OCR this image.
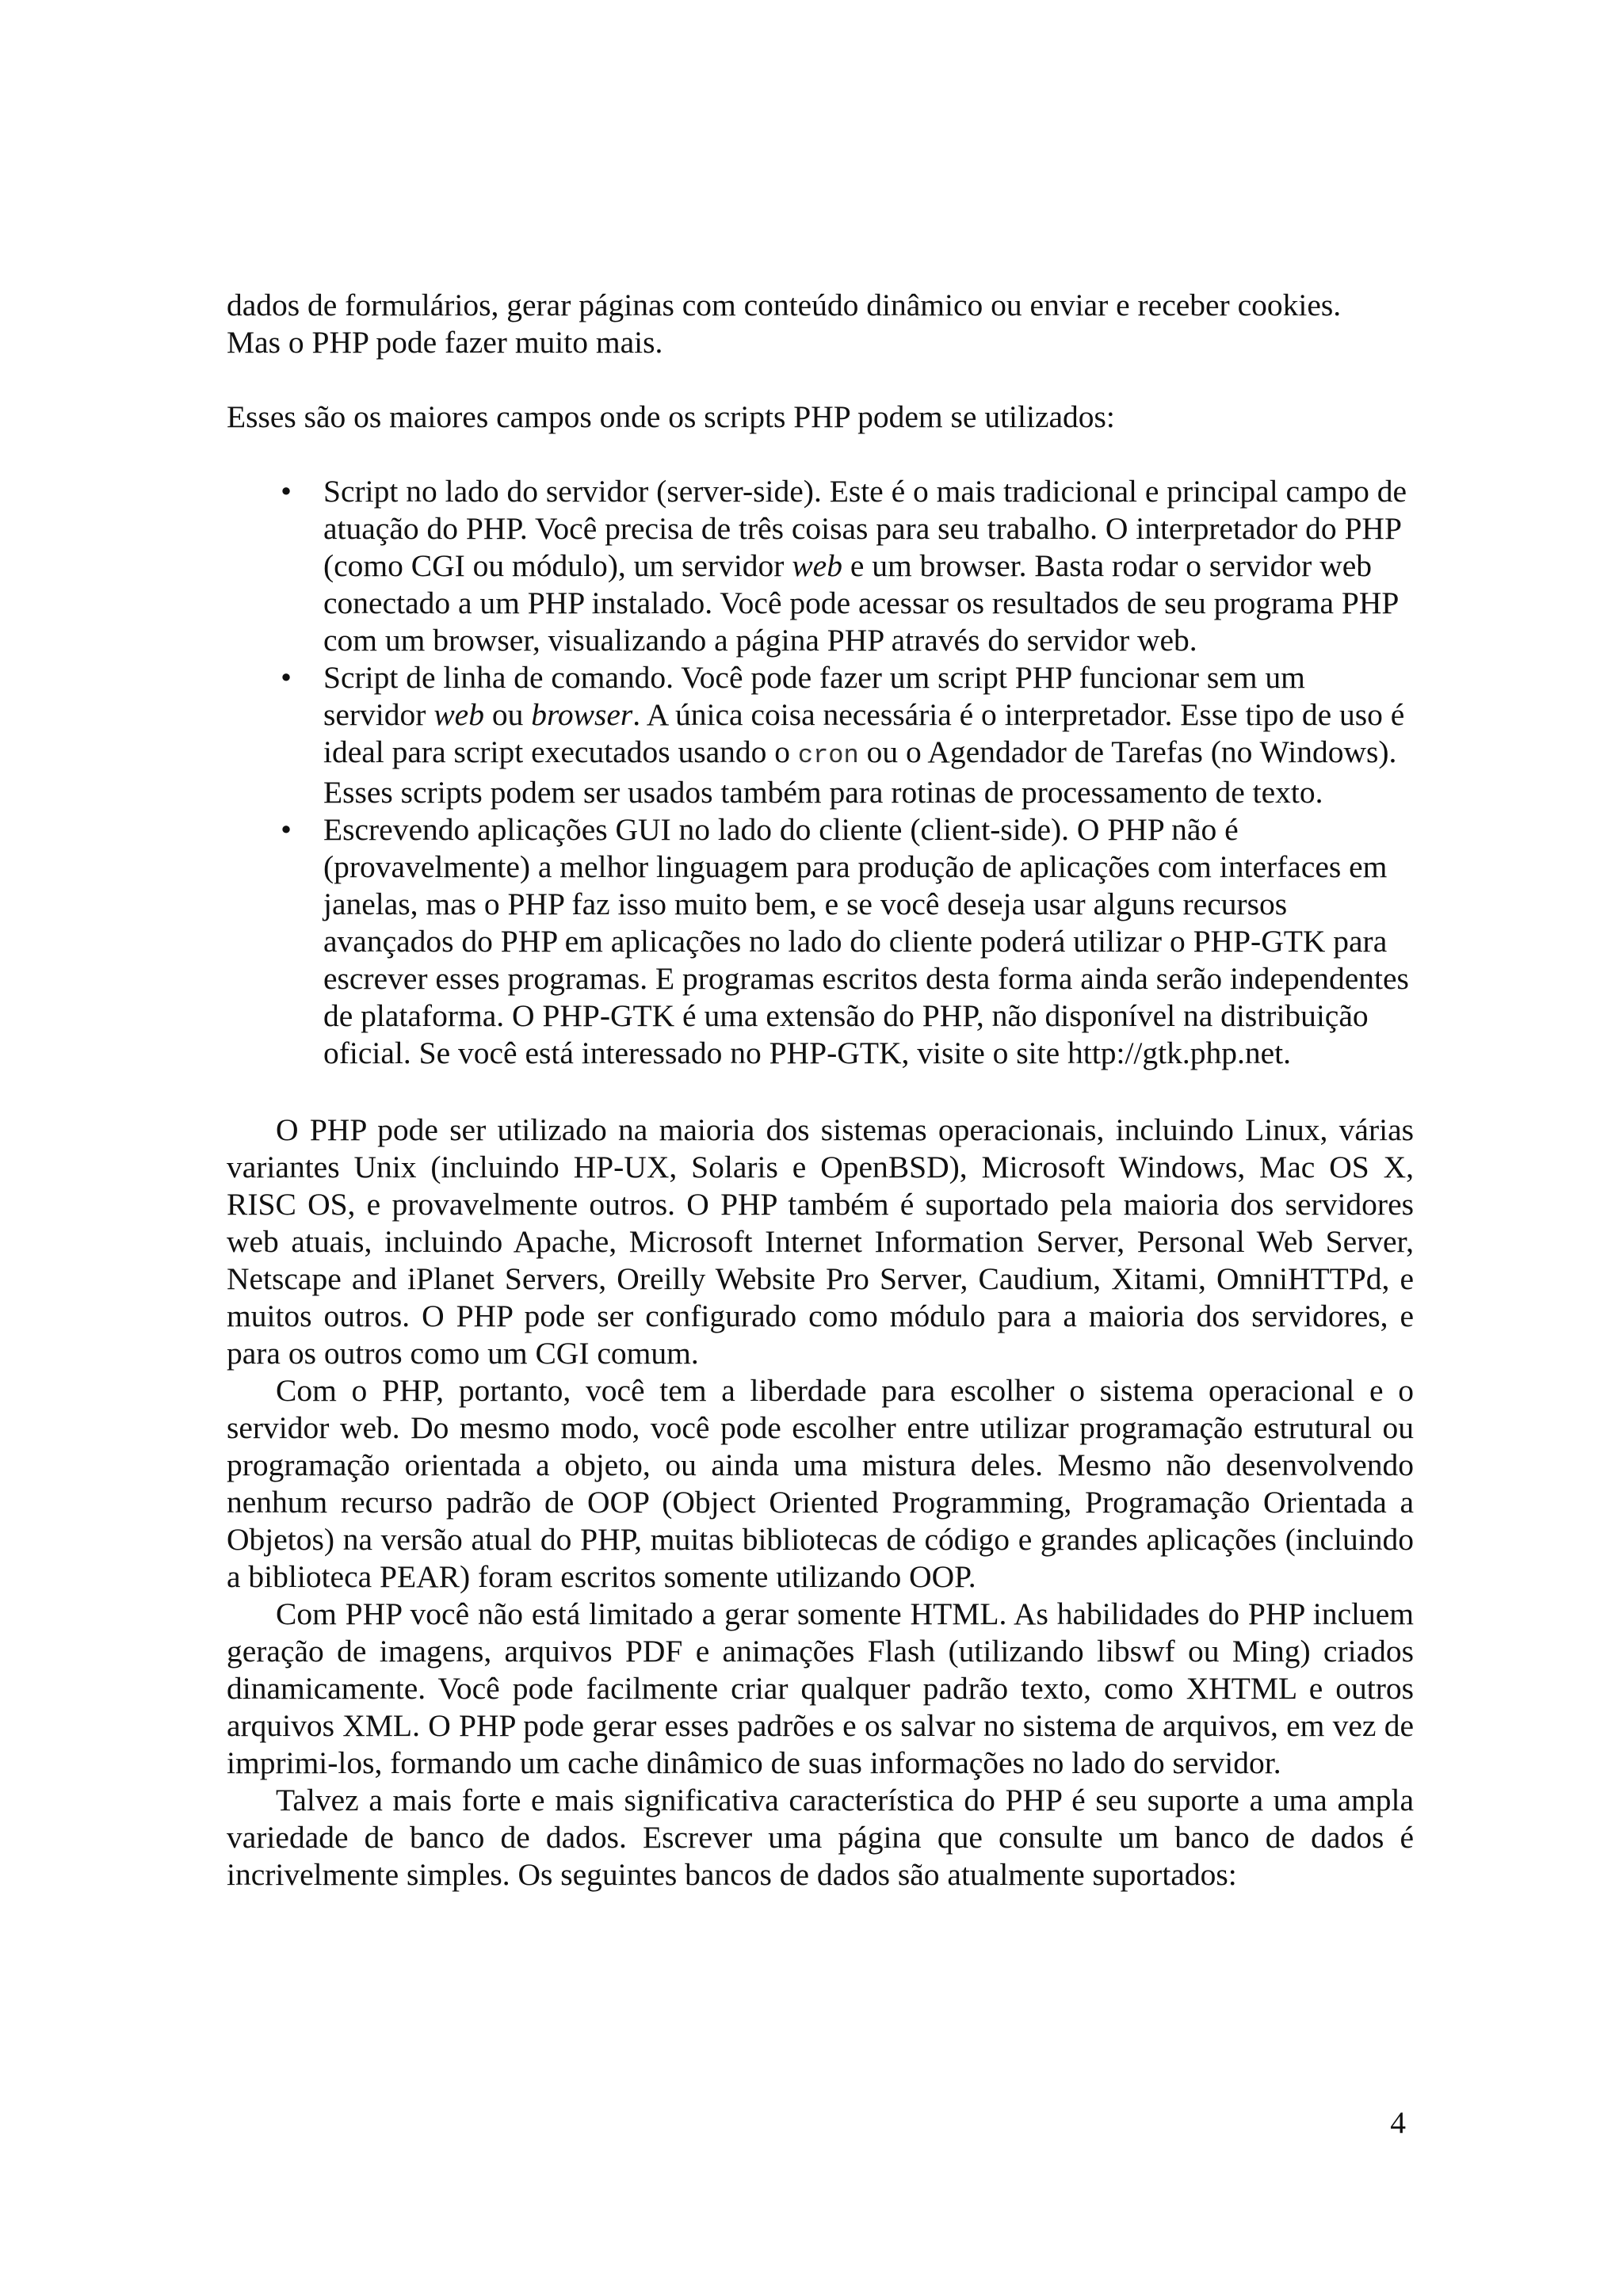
dados de formulários, gerar páginas com conteúdo dinâmico ou enviar e receber cookies.
Mas o PHP pode fazer muito mais.

Esses são os maiores campos onde os scripts PHP podem se utilizados:

• Script no lado do servidor (server-side). Este é o mais tradicional e principal campo de atuação do PHP. Você precisa de três coisas para seu trabalho. O interpretador do PHP (como CGI ou módulo), um servidor web e um browser. Basta rodar o servidor web conectado a um PHP instalado. Você pode acessar os resultados de seu programa PHP com um browser, visualizando a página PHP através do servidor web.
• Script de linha de comando. Você pode fazer um script PHP funcionar sem um servidor web ou browser. A única coisa necessária é o interpretador. Esse tipo de uso é ideal para script executados usando o cron ou o Agendador de Tarefas (no Windows). Esses scripts podem ser usados também para rotinas de processamento de texto.
• Escrevendo aplicações GUI no lado do cliente (client-side). O PHP não é (provavelmente) a melhor linguagem para produção de aplicações com interfaces em janelas, mas o PHP faz isso muito bem, e se você deseja usar alguns recursos avançados do PHP em aplicações no lado do cliente poderá utilizar o PHP-GTK para escrever esses programas. E programas escritos desta forma ainda serão independentes de plataforma. O PHP-GTK é uma extensão do PHP, não disponível na distribuição oficial. Se você está interessado no PHP-GTK, visite o site http://gtk.php.net.

O PHP pode ser utilizado na maioria dos sistemas operacionais, incluindo Linux, várias variantes Unix (incluindo HP-UX, Solaris e OpenBSD), Microsoft Windows, Mac OS X, RISC OS, e provavelmente outros. O PHP também é suportado pela maioria dos servidores web atuais, incluindo Apache, Microsoft Internet Information Server, Personal Web Server, Netscape and iPlanet Servers, Oreilly Website Pro Server, Caudium, Xitami, OmniHTTPd, e muitos outros. O PHP pode ser configurado como módulo para a maioria dos servidores, e para os outros como um CGI comum.

Com o PHP, portanto, você tem a liberdade para escolher o sistema operacional e o servidor web. Do mesmo modo, você pode escolher entre utilizar programação estrutural ou programação orientada a objeto, ou ainda uma mistura deles. Mesmo não desenvolvendo nenhum recurso padrão de OOP (Object Oriented Programming, Programação Orientada a Objetos) na versão atual do PHP, muitas bibliotecas de código e grandes aplicações (incluindo a biblioteca PEAR) foram escritos somente utilizando OOP.

Com PHP você não está limitado a gerar somente HTML. As habilidades do PHP incluem geração de imagens, arquivos PDF e animações Flash (utilizando libswf ou Ming) criados dinamicamente. Você pode facilmente criar qualquer padrão texto, como XHTML e outros arquivos XML. O PHP pode gerar esses padrões e os salvar no sistema de arquivos, em vez de imprimi-los, formando um cache dinâmico de suas informações no lado do servidor.

Talvez a mais forte e mais significativa característica do PHP é seu suporte a uma ampla variedade de banco de dados. Escrever uma página que consulte um banco de dados é incrivelmente simples. Os seguintes bancos de dados são atualmente suportados:

4
